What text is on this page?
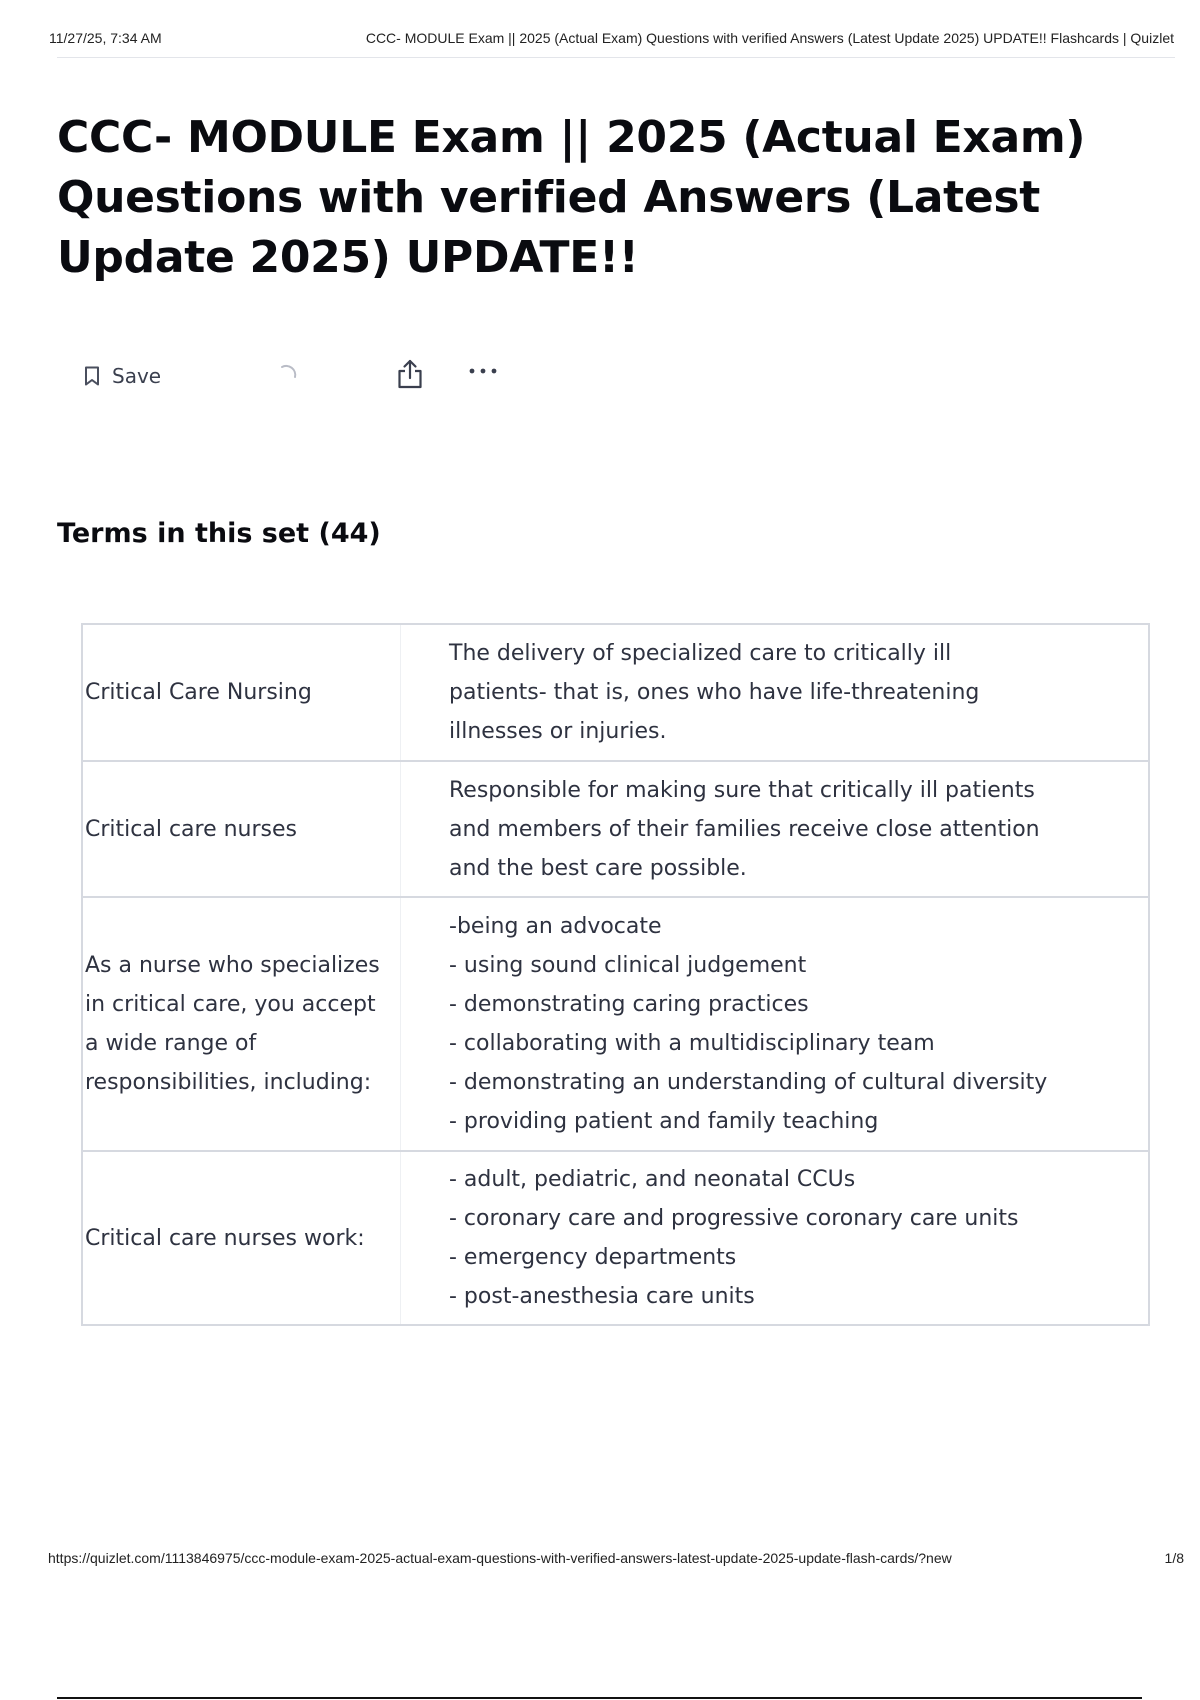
11/27/25, 7:34 AM	CCC- MODULE Exam || 2025 (Actual Exam) Questions with verified Answers (Latest Update 2025) UPDATE!! Flashcards | Quizlet
CCC- MODULE Exam || 2025 (Actual Exam) Questions with verified Answers (Latest Update 2025) UPDATE!!
Save
Terms in this set (44)
Critical Care Nursing
The delivery of specialized care to critically ill
patients- that is, ones who have life-threatening
illnesses or injuries.
Critical care nurses
Responsible for making sure that critically ill patients
and members of their families receive close attention
and the best care possible.
As a nurse who specializes
in critical care, you accept
a wide range of
responsibilities, including:
-being an advocate
- using sound clinical judgement
- demonstrating caring practices
- collaborating with a multidisciplinary team
- demonstrating an understanding of cultural diversity
- providing patient and family teaching
Critical care nurses work:
- adult, pediatric, and neonatal CCUs
- coronary care and progressive coronary care units
- emergency departments
- post-anesthesia care units
https://quizlet.com/1113846975/ccc-module-exam-2025-actual-exam-questions-with-verified-answers-latest-update-2025-update-flash-cards/?new	1/8
